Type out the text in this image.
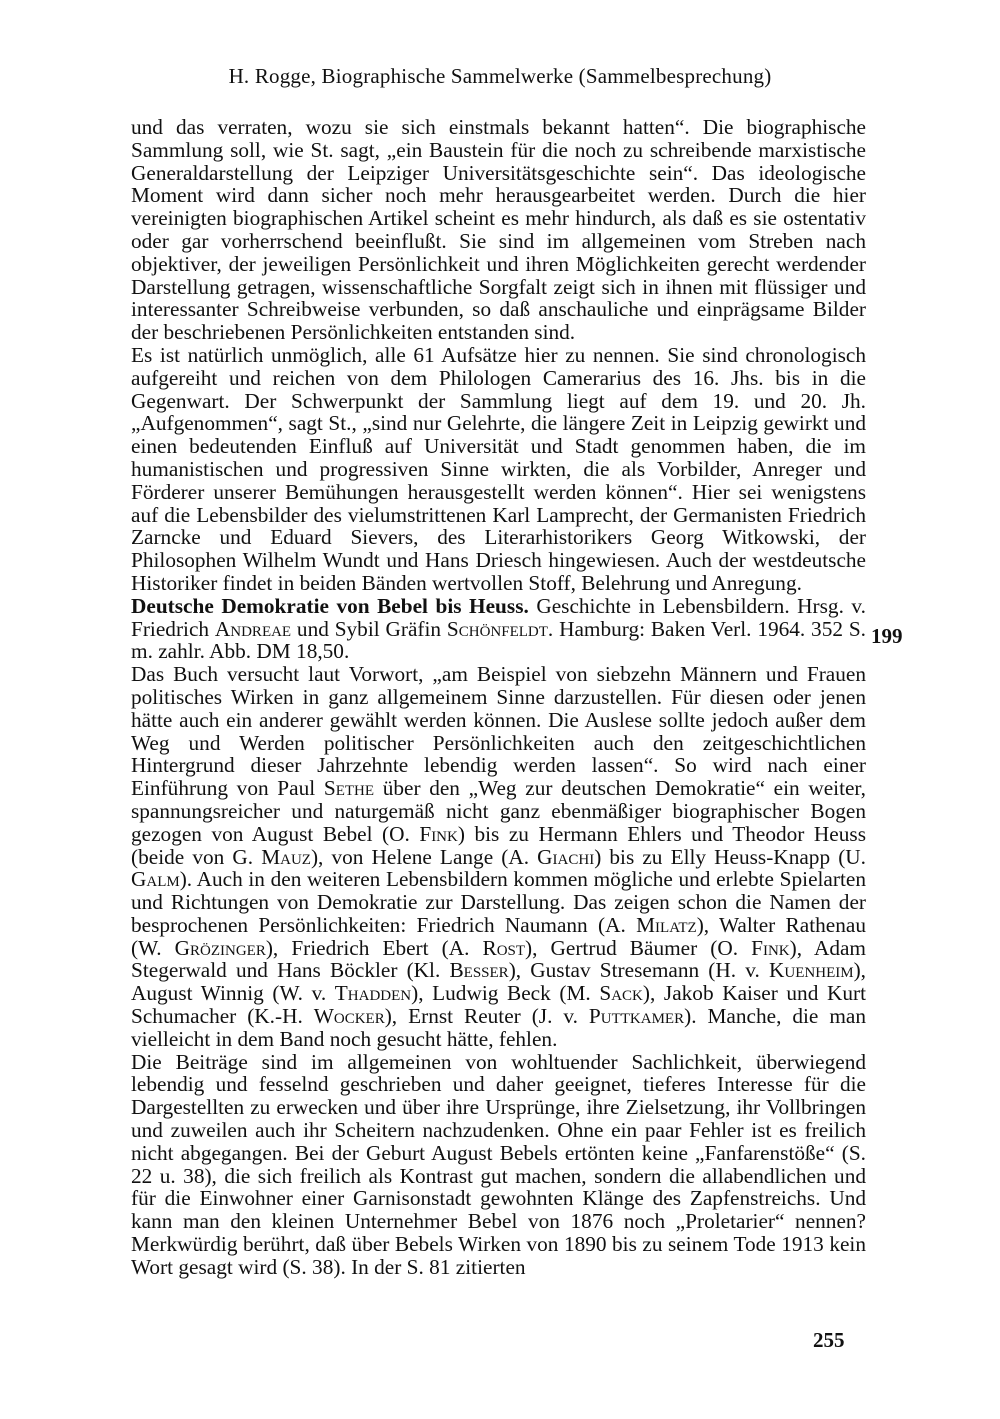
H. Rogge, Biographische Sammelwerke (Sammelbesprechung)
199

und das verraten, wozu sie sich einstmals bekannt hatten“. Die biographische Sammlung soll, wie St. sagt, „ein Baustein für die noch zu schreibende marxistische Generaldarstellung der Leipziger Universitätsgeschichte sein“. Das ideologische Moment wird dann sicher noch mehr herausgearbeitet werden. Durch die hier vereinigten biographischen Artikel scheint es mehr hindurch, als daß es sie ostentativ oder gar vorherrschend beeinflußt. Sie sind im allgemeinen vom Streben nach objektiver, der jeweiligen Persönlichkeit und ihren Möglichkeiten gerecht werdender Darstellung getragen, wissenschaftliche Sorgfalt zeigt sich in ihnen mit flüssiger und interessanter Schreibweise verbunden, so daß anschauliche und einprägsame Bilder der beschriebenen Persönlichkeiten entstanden sind.

Es ist natürlich unmöglich, alle 61 Aufsätze hier zu nennen. Sie sind chronologisch aufgereiht und reichen von dem Philologen Camerarius des 16. Jhs. bis in die Gegenwart. Der Schwerpunkt der Sammlung liegt auf dem 19. und 20. Jh. „Aufgenommen“, sagt St., „sind nur Gelehrte, die längere Zeit in Leipzig gewirkt und einen bedeutenden Einfluß auf Universität und Stadt genommen haben, die im humanistischen und progressiven Sinne wirkten, die als Vorbilder, Anreger und Förderer unserer Bemühungen herausgestellt werden können“. Hier sei wenigstens auf die Lebensbilder des vielumstrittenen Karl Lamprecht, der Germanisten Friedrich Zarncke und Eduard Sievers, des Literarhistorikers Georg Witkowski, der Philosophen Wilhelm Wundt und Hans Driesch hingewiesen. Auch der westdeutsche Historiker findet in beiden Bänden wertvollen Stoff, Belehrung und Anregung.

Deutsche Demokratie von Bebel bis Heuss. Geschichte in Lebensbildern. Hrsg. v. Friedrich Andreae und Sybil Gräfin Schönfeldt. Hamburg: Baken Verl. 1964. 352 S. m. zahlr. Abb. DM 18,50.

Das Buch versucht laut Vorwort, „am Beispiel von siebzehn Männern und Frauen politisches Wirken in ganz allgemeinem Sinne darzustellen. Für diesen oder jenen hätte auch ein anderer gewählt werden können. Die Auslese sollte jedoch außer dem Weg und Werden politischer Persönlichkeiten auch den zeitgeschichtlichen Hintergrund dieser Jahrzehnte lebendig werden lassen“. So wird nach einer Einführung von Paul Sethe über den „Weg zur deutschen Demokratie“ ein weiter, spannungsreicher und naturgemäß nicht ganz ebenmäßiger biographischer Bogen gezogen von August Bebel (O. Fink) bis zu Hermann Ehlers und Theodor Heuss (beide von G. Mauz), von Helene Lange (A. Giachi) bis zu Elly Heuss-Knapp (U. Galm). Auch in den weiteren Lebensbildern kommen mögliche und erlebte Spielarten und Richtungen von Demokratie zur Darstellung. Das zeigen schon die Namen der besprochenen Persönlichkeiten: Friedrich Naumann (A. Milatz), Walter Rathenau (W. Grözinger), Friedrich Ebert (A. Rost), Gertrud Bäumer (O. Fink), Adam Stegerwald und Hans Böckler (Kl. Besser), Gustav Stresemann (H. v. Kuenheim), August Winnig (W. v. Thadden), Ludwig Beck (M. Sack), Jakob Kaiser und Kurt Schumacher (K.-H. Wocker), Ernst Reuter (J. v. Puttkamer). Manche, die man vielleicht in dem Band noch gesucht hätte, fehlen.

Die Beiträge sind im allgemeinen von wohltuender Sachlichkeit, überwiegend lebendig und fesselnd geschrieben und daher geeignet, tieferes Interesse für die Dargestellten zu erwecken und über ihre Ursprünge, ihre Zielsetzung, ihr Vollbringen und zuweilen auch ihr Scheitern nachzudenken. Ohne ein paar Fehler ist es freilich nicht abgegangen. Bei der Geburt August Bebels ertönten keine „Fanfarenstöße“ (S. 22 u. 38), die sich freilich als Kontrast gut machen, sondern die allabendlichen und für die Einwohner einer Garnisonstadt gewohnten Klänge des Zapfenstreichs. Und kann man den kleinen Unternehmer Bebel von 1876 noch „Proletarier“ nennen? Merkwürdig berührt, daß über Bebels Wirken von 1890 bis zu seinem Tode 1913 kein Wort gesagt wird (S. 38). In der S. 81 zitierten

255
